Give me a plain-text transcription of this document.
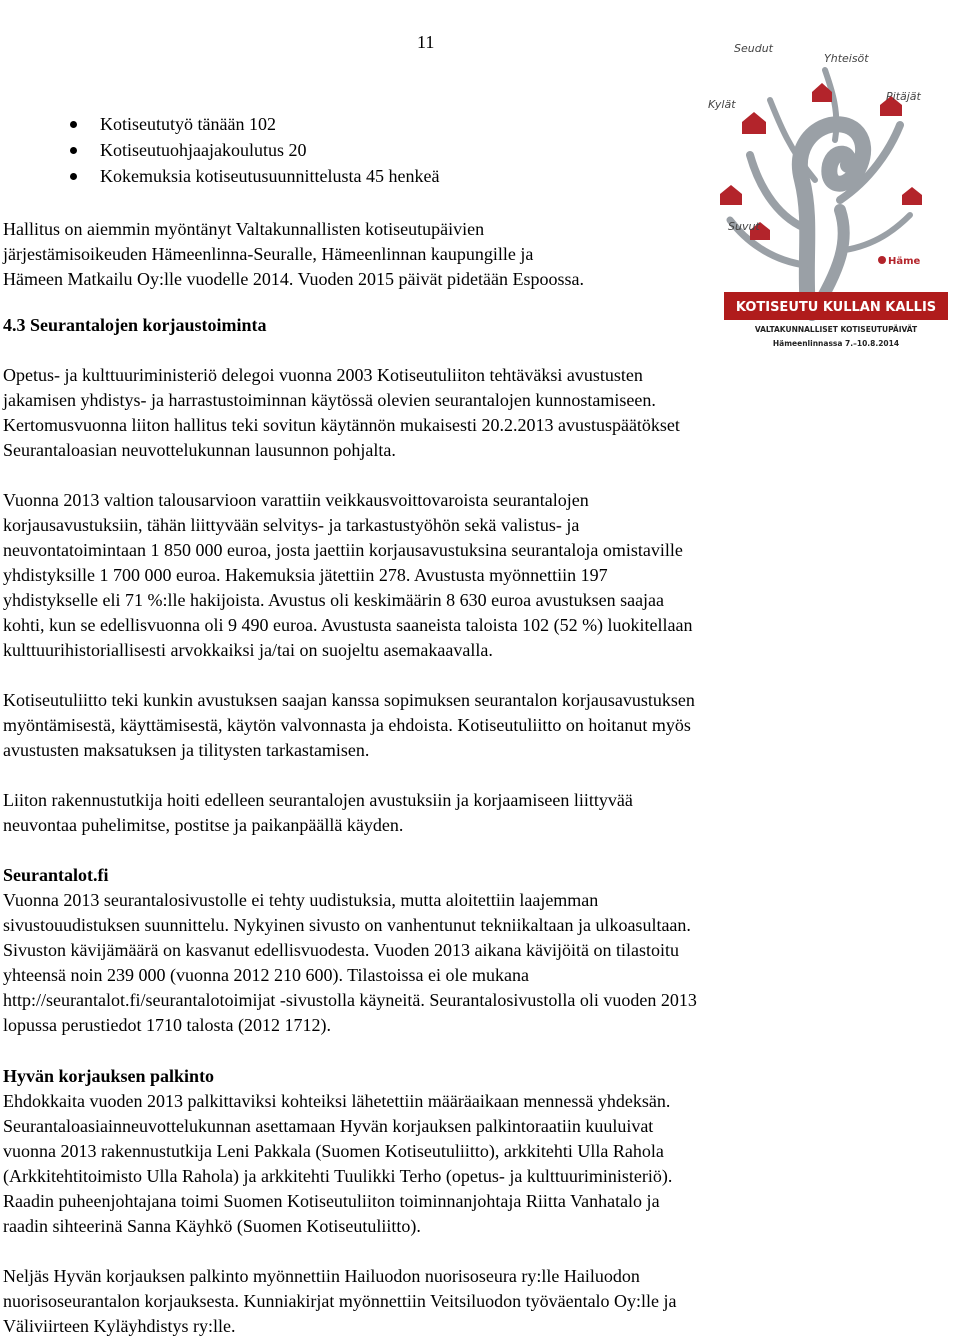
11
Kotiseututyö tänään 102
Kotiseutuohjaajakoulutus 20
Kokemuksia kotiseutusuunnittelusta 45 henkeä
Hallitus on aiemmin myöntänyt Valtakunnallisten kotiseutupäivien
järjestämisoikeuden Hämeenlinna-Seuralle, Hämeenlinnan kaupungille ja
Hämeen Matkailu Oy:lle vuodelle 2014. Vuoden 2015 päivät pidetään Espoossa.
4.3 Seurantalojen korjaustoiminta
Opetus- ja kulttuuriministeriö delegoi vuonna 2003 Kotiseutuliiton tehtäväksi avustusten
jakamisen yhdistys- ja harrastustoiminnan käytössä olevien seurantalojen kunnostamiseen.
Kertomusvuonna liiton hallitus teki sovitun käytännön mukaisesti 20.2.2013 avustuspäätökset
Seurantaloasian neuvottelukunnan lausunnon pohjalta.
Vuonna 2013 valtion talousarvioon varattiin veikkausvoittovaroista seurantalojen
korjausavustuksiin, tähän liittyvään selvitys- ja tarkastustyöhön sekä valistus- ja
neuvontatoimintaan 1 850 000 euroa, josta jaettiin korjausavustuksina seurantaloja omistaville
yhdistyksille 1 700 000 euroa. Hakemuksia jätettiin 278. Avustusta myönnettiin 197
yhdistykselle eli 71 %:lle hakijoista. Avustus oli keskimäärin 8 630 euroa avustuksen saajaa
kohti, kun se edellisvuonna oli 9 490 euroa. Avustusta saaneista taloista 102 (52 %) luokitellaan
kulttuurihistoriallisesti arvokkaiksi ja/tai on suojeltu asemakaavalla.
Kotiseutuliitto teki kunkin avustuksen saajan kanssa sopimuksen seurantalon korjausavustuksen
myöntämisestä, käyttämisestä, käytön valvonnasta ja ehdoista. Kotiseutuliitto on hoitanut myös
avustusten maksatuksen ja tilitysten tarkastamisen.
Liiton rakennustutkija hoiti edelleen seurantalojen avustuksiin ja korjaamiseen liittyvää
neuvontaa puhelimitse, postitse ja paikanpäällä käyden.
Seurantalot.fi
Vuonna 2013 seurantalosivustolle ei tehty uudistuksia, mutta aloitettiin laajemman
sivustouudistuksen suunnittelu. Nykyinen sivusto on vanhentunut tekniikaltaan ja ulkoasultaan.
Sivuston kävijämäärä on kasvanut edellisvuodesta. Vuoden 2013 aikana kävijöitä on tilastoitu
yhteensä noin 239 000 (vuonna 2012 210 600). Tilastoissa ei ole mukana
http://seurantalot.fi/seurantalotoimijat -sivustolla käyneitä. Seurantalosivustolla oli vuoden 2013
lopussa perustiedot 1710 talosta (2012 1712).
Hyvän korjauksen palkinto
Ehdokkaita vuoden 2013 palkittaviksi kohteiksi lähetettiin määräaikaan mennessä yhdeksän.
Seurantaloasiainneuvottelukunnan asettamaan Hyvän korjauksen palkintoraatiin kuuluivat
vuonna 2013 rakennustutkija Leni Pakkala (Suomen Kotiseutuliitto), arkkitehti Ulla Rahola
(Arkkitehtitoimisto Ulla Rahola) ja arkkitehti Tuulikki Terho (opetus- ja kulttuuriministeriö).
Raadin puheenjohtajana toimi Suomen Kotiseutuliiton toiminnanjohtaja Riitta Vanhatalo ja
raadin sihteerinä Sanna Käyhkö (Suomen Kotiseutuliitto).
Neljäs Hyvän korjauksen palkinto myönnettiin Hailuodon nuorisoseura ry:lle Hailuodon
nuorisoseurantalon korjauksesta. Kunniakirjat myönnettiin Veitsiluodon työväentalo Oy:lle ja
Väliviirteen Kyläyhdistys ry:lle.
Seudut
Yhteisöt
Kylät
Pitäjät
Suvut
Häme
KOTISEUTU KULLAN KALLIS
VALTAKUNNALLISET KOTISEUTUPÄIVÄT
Hämeenlinnassa 7.–10.8.2014
